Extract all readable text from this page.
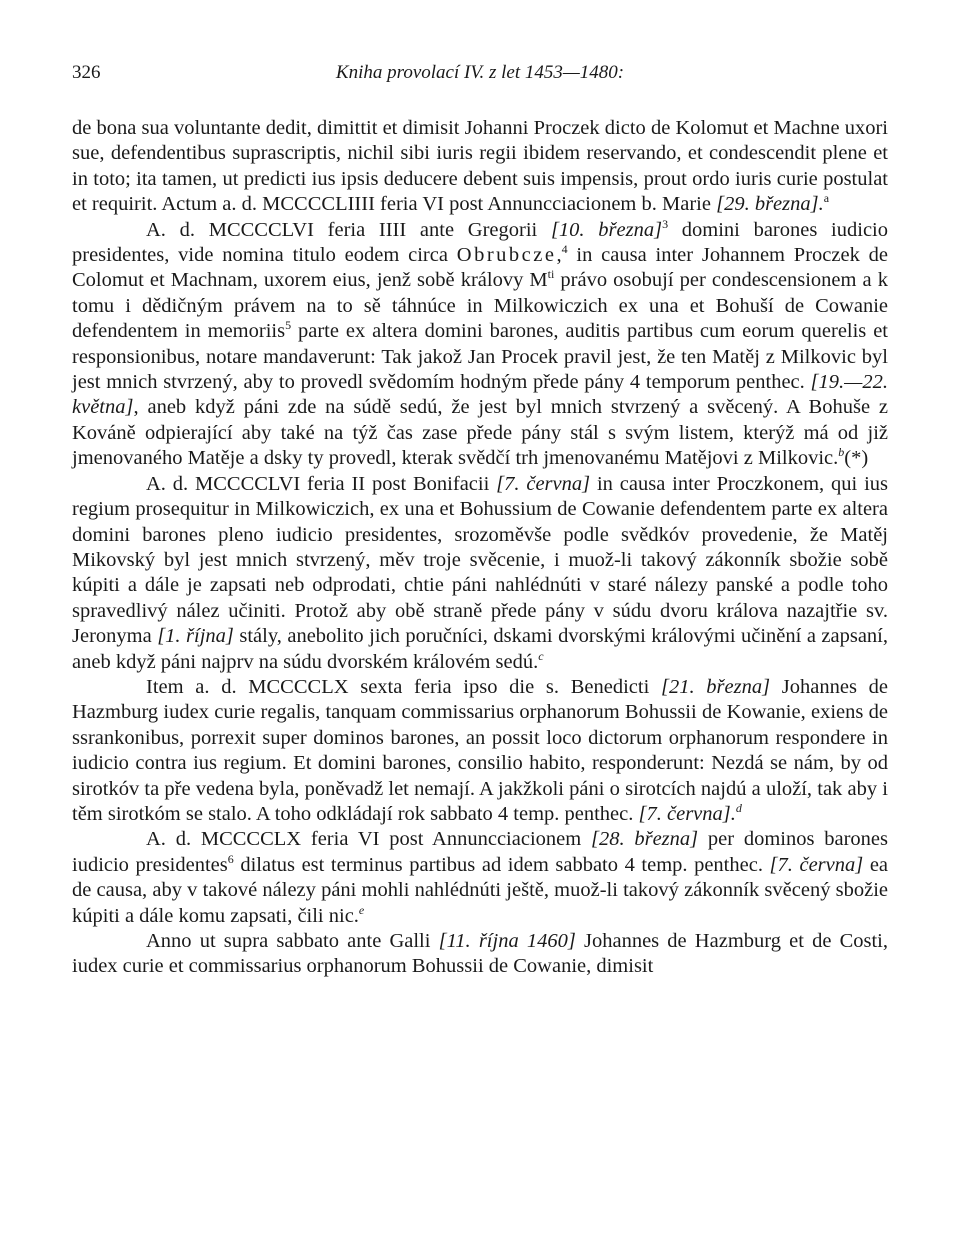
326	Kniha provolací IV. z let 1453—1480:

de bona sua voluntante dedit, dimittit et dimisit Johanni Proczek dicto de Kolomut et Machne uxori sue, defendentibus suprascriptis, nichil sibi iuris regii ibidem reservando, et condescendit plene et in toto; ita tamen, ut predicti ius ipsis deducere debent suis impensis, prout ordo iuris curie postulat et requirit. Actum a. d. MCCCCLIIII feria VI post Annuncciacionem b. Marie [29. března].$^a$

A. d. MCCCCLVI feria IIII ante Gregorii [10. března]$^3$ domini barones iudicio presidentes, vide nomina titulo eodem circa Obrubcze,$^4$ in causa inter Johannem Proczek de Colomut et Machnam, uxorem eius, jenž sobě královy M$^{ti}$ právo osobují per condescensionem a k tomu i dědičným právem na to sě táhnúce in Milkowiczich ex una et Bohuší de Cowanie defendentem in memoriis$^5$ parte ex altera domini barones, auditis partibus cum eorum querelis et responsionibus, notare mandaverunt: Tak jakož Jan Procek pravil jest, že ten Matěj z Milkovic byl jest mnich stvrzený, aby to provedl svědomím hodným přede pány 4 temporum penthec. [19.—22. května], aneb když páni zde na súdě sedú, že jest byl mnich stvrzený a svěcený. A Bohuše z Kováně odpierající aby také na týž čas zase přede pány stál s svým listem, kterýž má od již jmenovaného Matěje a dsky ty provedl, kterak svědčí trh jmenovanému Matějovi z Milkovic.$^b$(*)

A. d. MCCCCLVI feria II post Bonifacii [7. června] in causa inter Proczkonem, qui ius regium prosequitur in Milkowiczich, ex una et Bohussium de Cowanie defendentem parte ex altera domini barones pleno iudicio presidentes, srozoměvše podle svědkóv provedenie, že Matěj Mikovský byl jest mnich stvrzený, měv troje svěcenie, i muož-li takový zákonník sbožie sobě kúpiti a dále je zapsati neb odprodati, chtie páni nahlédnúti v staré nálezy panské a podle toho spravedlivý nález učiniti. Protož aby obě straně přede pány v súdu dvoru králova nazajtřie sv. Jeronyma [1. října] stály, anebolito jich poručníci, dskami dvorskými královými učinění a zapsaní, aneb když páni najprv na súdu dvorském královém sedú.$^c$

Item a. d. MCCCCLX sexta feria ipso die s. Benedicti [21. března] Johannes de Hazmburg iudex curie regalis, tanquam commissarius orphanorum Bohussii de Kowanie, exiens de ssrankonibus, porrexit super dominos barones, an possit loco dictorum orphanorum respondere in iudicio contra ius regium. Et domini barones, consilio habito, responderunt: Nezdá se nám, by od sirotkóv ta pře vedena byla, poněvadž let nemají. A jakžkoli páni o sirotcích najdú a uloží, tak aby i těm sirotkóm se stalo. A toho odkládají rok sabbato 4 temp. penthec. [7. června].$^d$

A. d. MCCCCLX feria VI post Annuncciacionem [28. března] per dominos barones iudicio presidentes$^6$ dilatus est terminus partibus ad idem sabbato 4 temp. penthec. [7. června] ea de causa, aby v takové nálezy páni mohli nahlédnúti ještě, muož-li takový zákonník svěcený sbožie kúpiti a dále komu zapsati, čili nic.$^e$

Anno ut supra sabbato ante Galli [11. října 1460] Johannes de Hazmburg et de Costi, iudex curie et commissarius orphanorum Bohussii de Cowanie, dimisit
